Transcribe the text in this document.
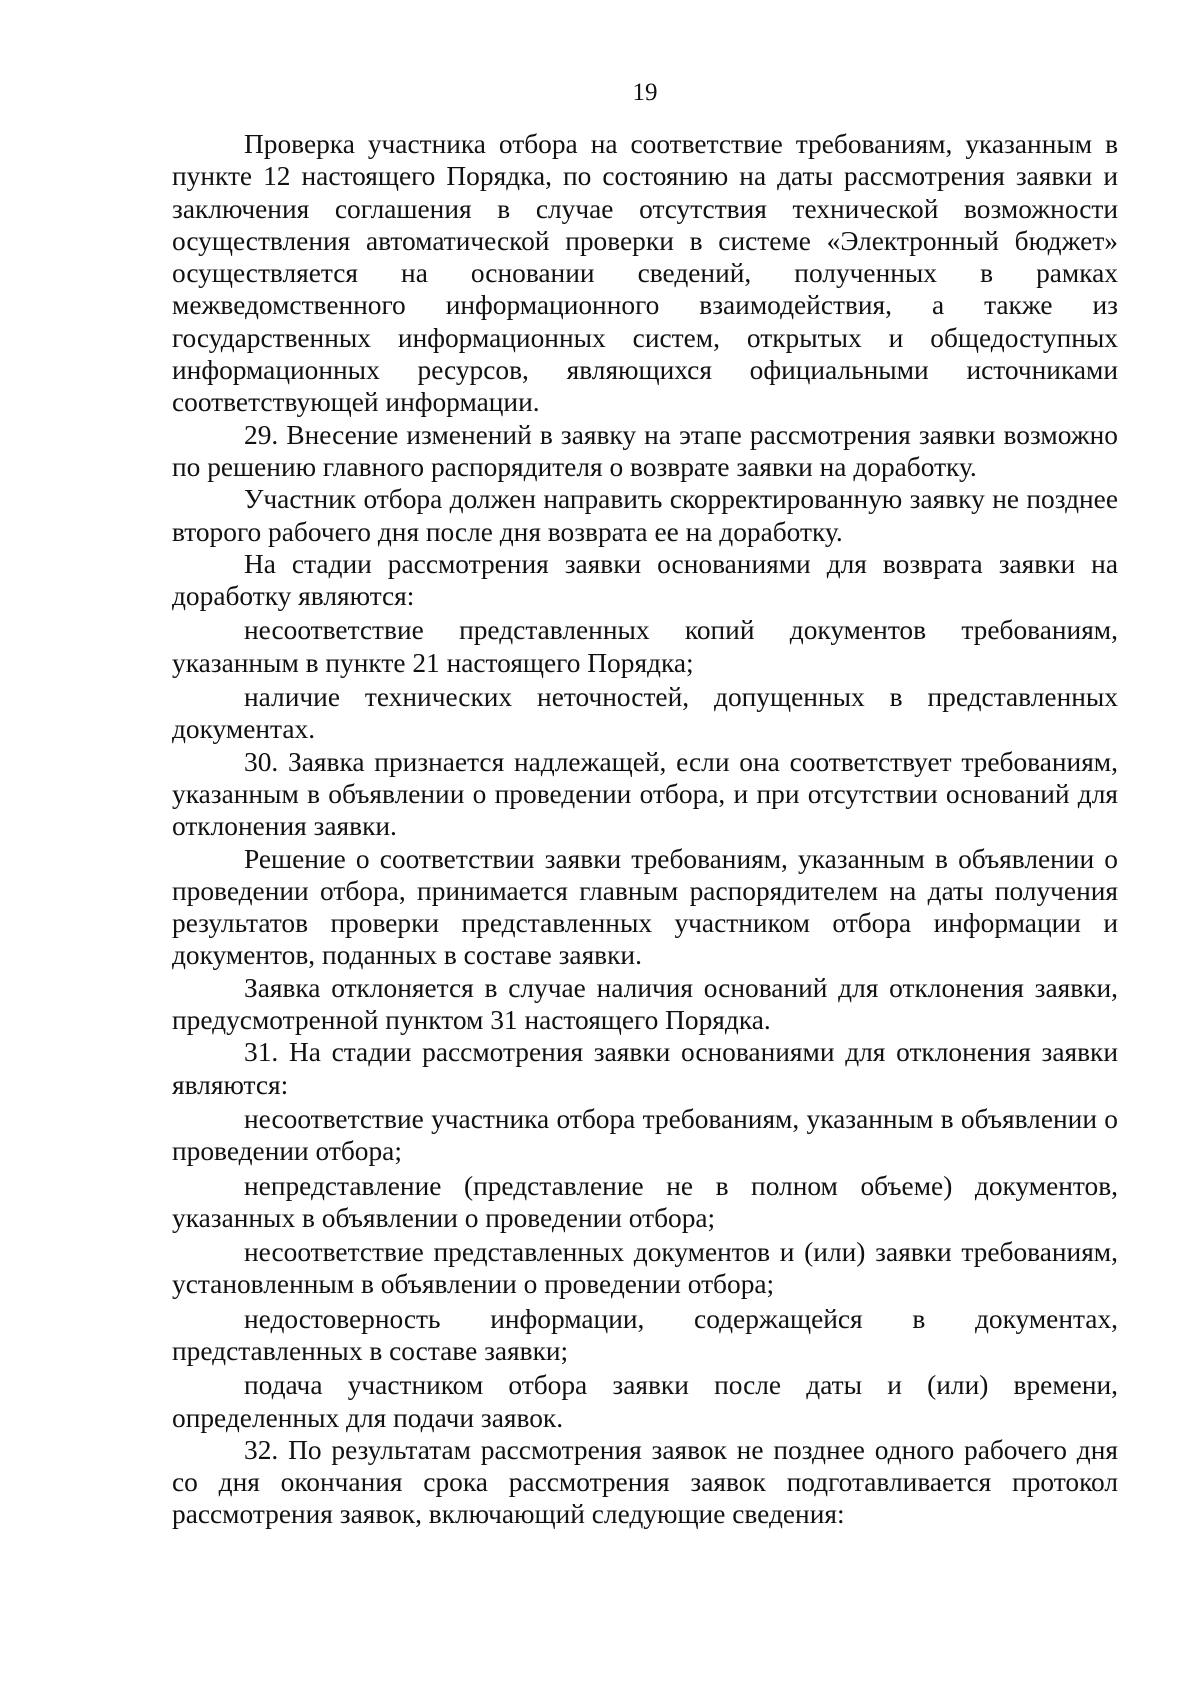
19

Проверка участника отбора на соответствие требованиям, указанным в пункте 12 настоящего Порядка, по состоянию на даты рассмотрения заявки и заключения соглашения в случае отсутствия технической возможности осуществления автоматической проверки в системе «Электронный бюджет» осуществляется на основании сведений, полученных в рамках межведомственного информационного взаимодействия, а также из государственных информационных систем, открытых и общедоступных информационных ресурсов, являющихся официальными источниками соответствующей информации.

29. Внесение изменений в заявку на этапе рассмотрения заявки возможно по решению главного распорядителя о возврате заявки на доработку.

Участник отбора должен направить скорректированную заявку не позднее второго рабочего дня после дня возврата ее на доработку.

На стадии рассмотрения заявки основаниями для возврата заявки на доработку являются:

несоответствие представленных копий документов требованиям, указанным в пункте 21 настоящего Порядка;

наличие технических неточностей, допущенных в представленных документах.

30. Заявка признается надлежащей, если она соответствует требованиям, указанным в объявлении о проведении отбора, и при отсутствии оснований для отклонения заявки.

Решение о соответствии заявки требованиям, указанным в объявлении о проведении отбора, принимается главным распорядителем на даты получения результатов проверки представленных участником отбора информации и документов, поданных в составе заявки.

Заявка отклоняется в случае наличия оснований для отклонения заявки, предусмотренной пунктом 31 настоящего Порядка.

31. На стадии рассмотрения заявки основаниями для отклонения заявки являются:

несоответствие участника отбора требованиям, указанным в объявлении о проведении отбора;

непредставление (представление не в полном объеме) документов, указанных в объявлении о проведении отбора;

несоответствие представленных документов и (или) заявки требованиям, установленным в объявлении о проведении отбора;

недостоверность информации, содержащейся в документах, представленных в составе заявки;

подача участником отбора заявки после даты и (или) времени, определенных для подачи заявок.

32. По результатам рассмотрения заявок не позднее одного рабочего дня со дня окончания срока рассмотрения заявок подготавливается протокол рассмотрения заявок, включающий следующие сведения:
